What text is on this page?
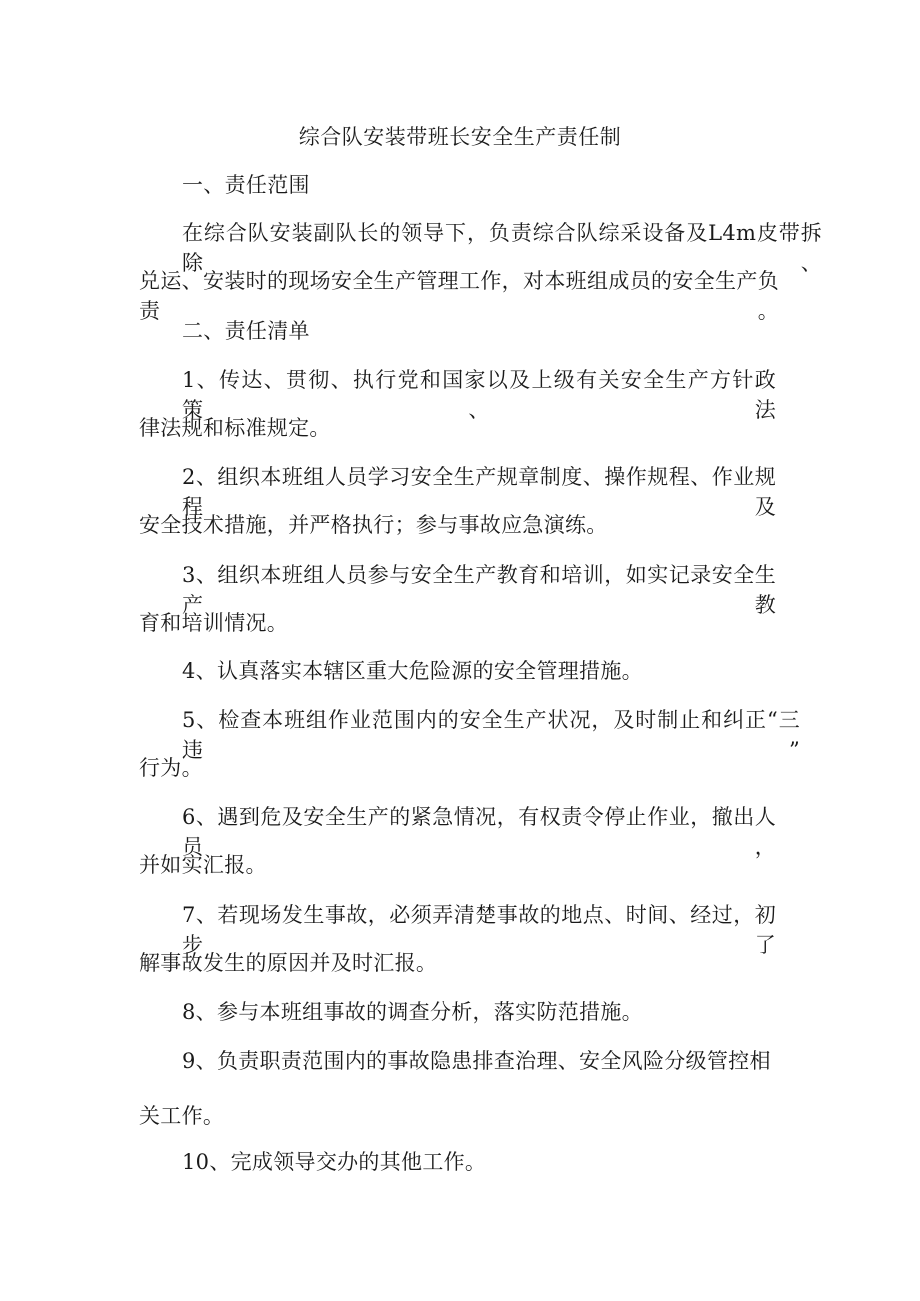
综合队安装带班长安全生产责任制
一、责任范围
在综合队安装副队长的领导下，负责综合队综采设备及L4m皮带拆除、
兑运、安装时的现场安全生产管理工作，对本班组成员的安全生产负责。
二、责任清单
1、传达、贯彻、执行党和国家以及上级有关安全生产方针政策、法
律法规和标准规定。
2、组织本班组人员学习安全生产规章制度、操作规程、作业规程及
安全技术措施，并严格执行；参与事故应急演练。
3、组织本班组人员参与安全生产教育和培训，如实记录安全生产教
育和培训情况。
4、认真落实本辖区重大危险源的安全管理措施。
5、检查本班组作业范围内的安全生产状况，及时制止和纠正“三违”
行为。
6、遇到危及安全生产的紧急情况，有权责令停止作业，撤出人员，
并如实汇报。
7、若现场发生事故，必须弄清楚事故的地点、时间、经过，初步了
解事故发生的原因并及时汇报。
8、参与本班组事故的调查分析，落实防范措施。
9、负责职责范围内的事故隐患排查治理、安全风险分级管控相
关工作。
10、完成领导交办的其他工作。
